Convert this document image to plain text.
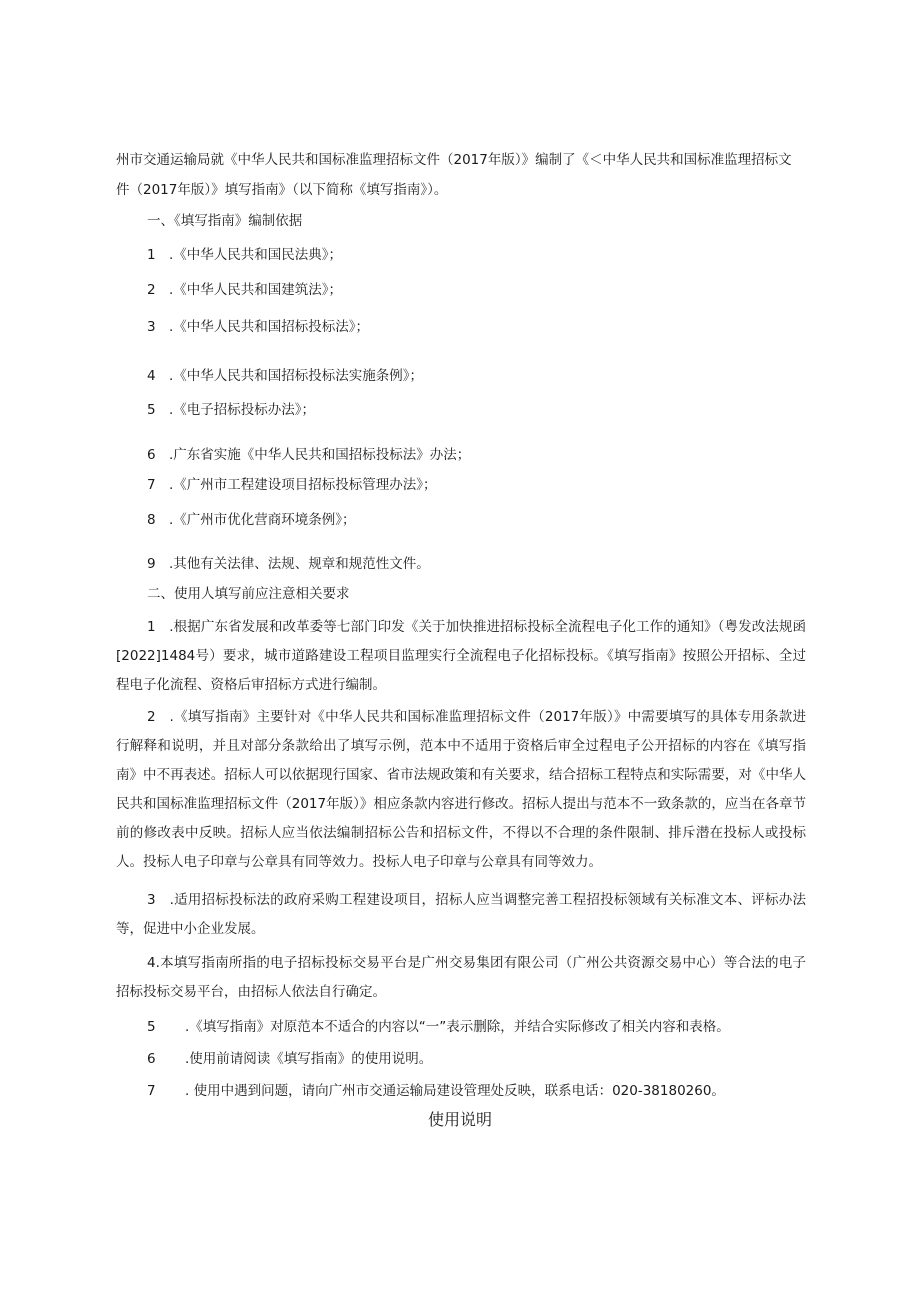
州市交通运输局就《中华人民共和国标准监理招标文件（2017年版）》编制了《＜中华人民共和国标准监理招标文
件（2017年版）》填写指南》（以下简称《填写指南》）。
一、《填写指南》编制依据
1 .《中华人民共和国民法典》；
2 .《中华人民共和国建筑法》；
3 .《中华人民共和国招标投标法》；
4 .《中华人民共和国招标投标法实施条例》；
5 .《电子招标投标办法》；
6 .广东省实施《中华人民共和国招标投标法》办法；
7 .《广州市工程建设项目招标投标管理办法》；
8 .《广州市优化营商环境条例》；
9 .其他有关法律、法规、规章和规范性文件。
二、使用人填写前应注意相关要求
1　.根据广东省发展和改革委等七部门印发《关于加快推进招标投标全流程电子化工作的通知》（粤发改法规函[2022]1484号）要求，城市道路建设工程项目监理实行全流程电子化招标投标。《填写指南》按照公开招标、全过程电子化流程、资格后审招标方式进行编制。
2　.《填写指南》主要针对《中华人民共和国标准监理招标文件（2017年版）》中需要填写的具体专用条款进行解释和说明，并且对部分条款给出了填写示例，范本中不适用于资格后审全过程电子公开招标的内容在《填写指南》中不再表述。招标人可以依据现行国家、省市法规政策和有关要求，结合招标工程特点和实际需要，对《中华人民共和国标准监理招标文件（2017年版）》相应条款内容进行修改。招标人提出与范本不一致条款的，应当在各章节前的修改表中反映。招标人应当依法编制招标公告和招标文件，不得以不合理的条件限制、排斥潜在投标人或投标人。投标人电子印章与公章具有同等效力。投标人电子印章与公章具有同等效力。
3　.适用招标投标法的政府采购工程建设项目，招标人应当调整完善工程招投标领域有关标准文本、评标办法等，促进中小企业发展。
4.本填写指南所指的电子招标投标交易平台是广州交易集团有限公司（广州公共资源交易中心）等合法的电子招标投标交易平台，由招标人依法自行确定。
5 .《填写指南》对原范本不适合的内容以“一”表示删除，并结合实际修改了相关内容和表格。
6 .使用前请阅读《填写指南》的使用说明。
7 . 使用中遇到问题，请向广州市交通运输局建设管理处反映，联系电话：020-38180260。
使用说明
